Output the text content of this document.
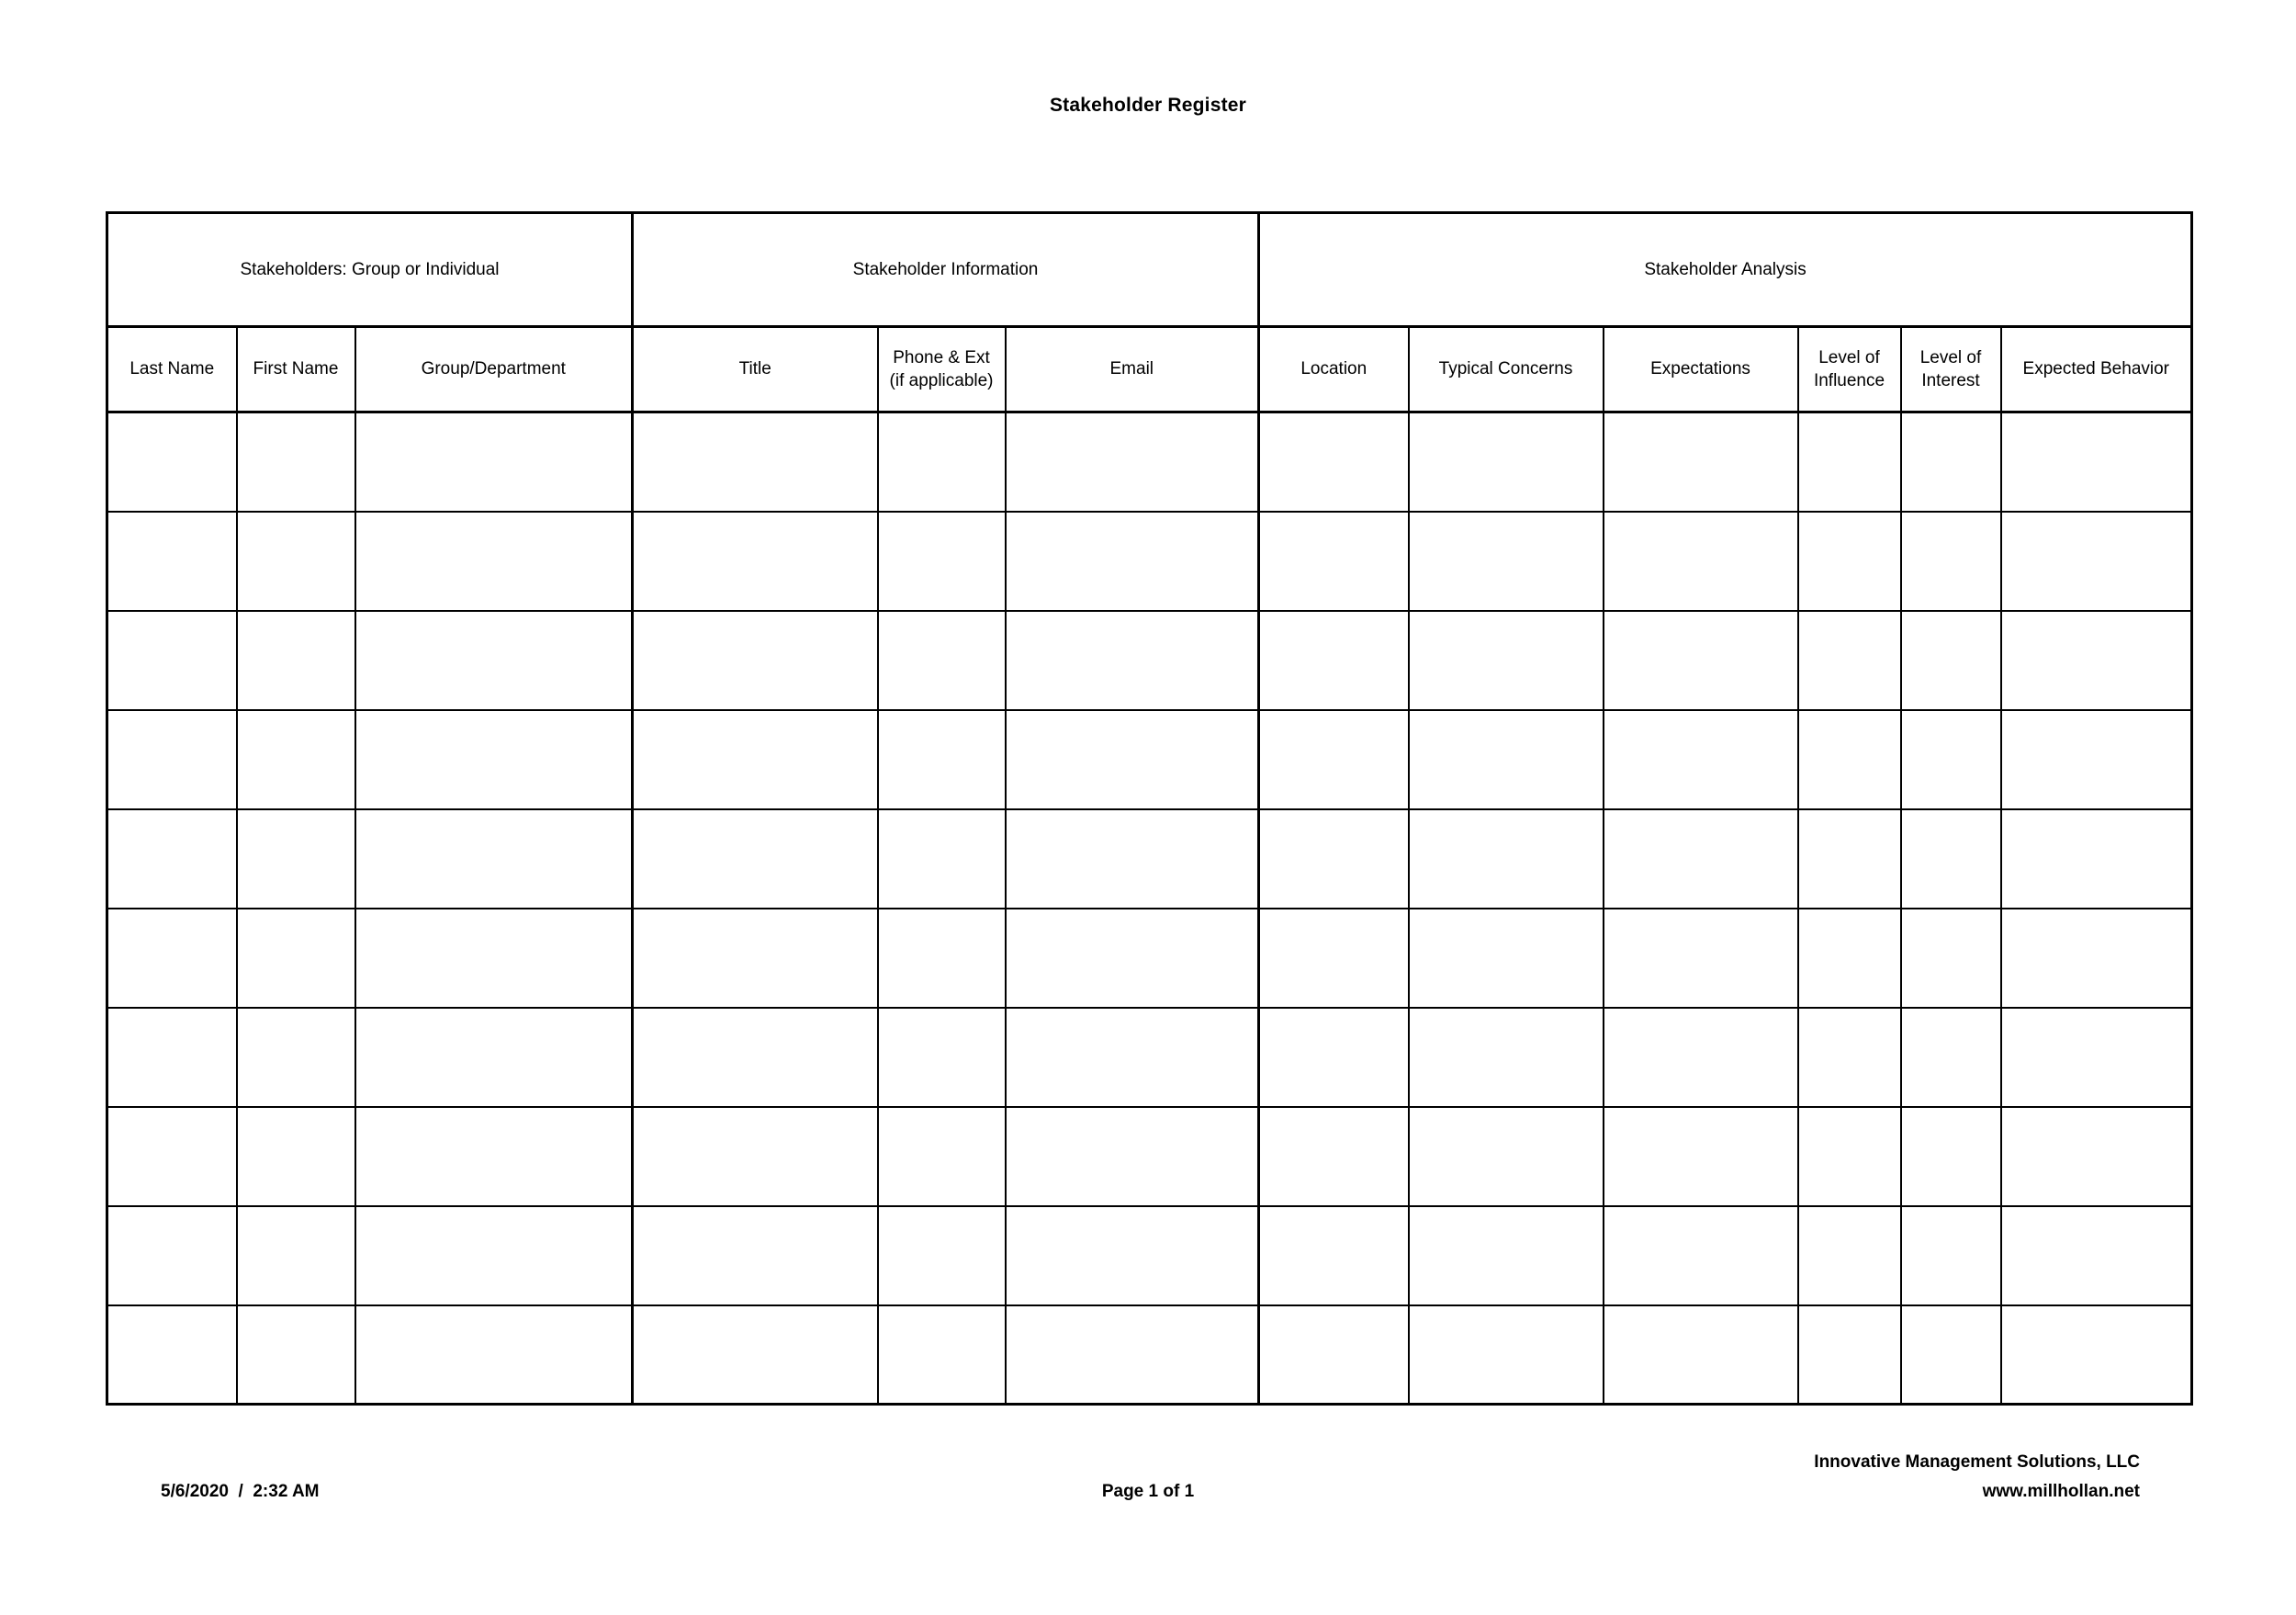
Stakeholder Register
Stakeholders: Group or Individual			Stakeholder Information			Stakeholder Analysis					
Last Name	First Name	Group/Department	Title	Phone & Ext (if applicable)	Email	Location	Typical Concerns	Expectations	Level of Influence	Level of Interest	Expected Behavior

5/6/2020  /  2:32 AM	Page 1 of 1
Innovative Management Solutions, LLC
www.millhollan.net
